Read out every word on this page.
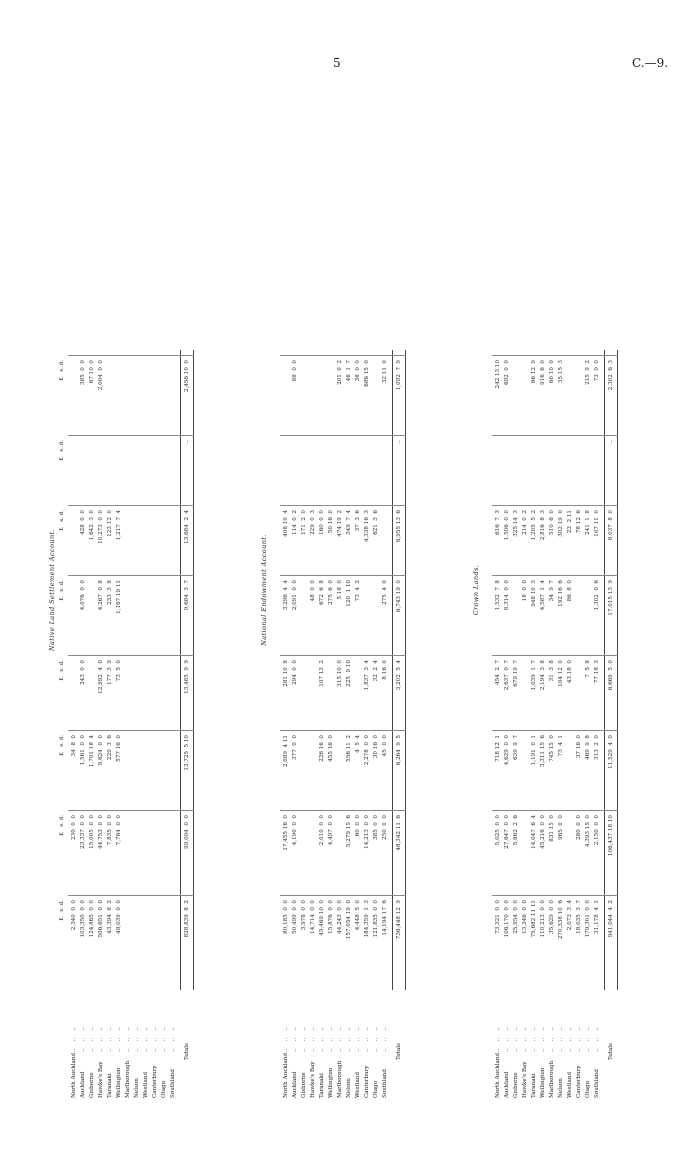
5	C.—9.
Native Land Settlement Account.
£   s. d.
£   s. d.
£   s. d.
£   s. d.
£   s. d.
£   s. d.
£   s. d.
£   s. d.
North Auckland
..    ..    ..
2,340  0  0
230  0  0
34  8  0
Auckland
..    ..    ..
103,350  0  0
23,337  0  0
1,561  0  0
243  0  0
4,076  0  0
428  0  0
385  0  0
Gisborne
..    ..    ..
124,865  0  0
15,005  0  0
1,701 18  4
1,642  3  0
67 10  0
Hawke's Bay
..    ..    ..
506,651  0  0
44,753  0  0
9,624  0  0
12,992  4  0
4,267  0  8
10,273  0  0
2,004  0  0
Taranaki
..    ..    ..
43,394  8  2
7,835  0  0
229  3  6
177  3  9
233  3  8
123 12  0
Wellington
..    ..    ..
48,039  0  0
7,784  0  0
577 16  0
73  5  0
1,167 19 11
1,217  7  4
Marlborough
..    ..    ..
Nelson
..    ..    ..
Westland
..    ..    ..
Canterbury
..    ..    ..
Otago
..    ..    ..
Southland
..    ..    .. Totals
828,839  8  2
99,004  0  0
13,725  5 10
13,485  9  9
9,684  3  7
13,684  2  4
..
2,456 10  0
National Endowment Account.
North Auckland
..    ..    ..
80,185  0  0
17,455 16  0
2,089  4 11
281 10  8
3,296  4  4
408 19  4
Auckland
..    ..    ..
50,499  0  0
4,190  0  0
377  0  0
294  0  0
2,091  0  0
114  0  2
88  0  0
Gisborne
..    ..    ..
3,978  0  0
171  2  0
Hawke's Bay
..    ..    ..
14,714  0  0
48  0  0
229  0  3
Taranaki
..    ..    ..
45,469 10  0
2,010  0  0
226 16  0
107 13  2
672  6  8
160  0  0
Wellington
..    ..    ..
15,876  0  0
4,497  0  0
455 16  0
275  6  0
50 16  0
Marlborough
..    ..    ..
44,243  0  0
315 10  0
5 18  0
474 19  2
201  0  2
Nelson
..    ..    ..
157,054 19  0
5,279 15  6
556 11  2
225  9 10
120  1 10
349  7  4
46  1  7
Westland
..    ..    ..
4,448  5  0
60  0  0
4  5  4
73  4  2
37  3  6
38  0  0
Canterbury
..    ..    ..
184,359  1  3
14,213  0  0
2,278  0  0
1,837  3  4
4,338 16  3
686 15  0
Otago
..    ..    ..
121,835  0  0
385  0  0
30 16  0
32  2  4
621  3  6
Southland
..    ..    ..
14,194 17  6
250  0  0
45  0  0
8 16  0
275  4  0
32 11  0
Totals
736,448 12  9
48,342 11  6
6,264  9  5
3,202  5  4
6,743 19  0
6,955 13  6
..
1,092  7  9
Crown Lands.
North Auckland
..    ..    ..
73,321  0  0
5,025  0  0
718 12  1
454  2  7
1,532  7  8
616  7  3
242 13 10
Auckland
..    ..    ..
106,170  0  0
27,647  0  0
4,629  0  0
2,637  0  7
8,314  0  0
1,506  0  0
692  0  0
Gisborne
..    ..    ..
25,954  0  0
5,862  2  6
639  9  7
679 19  7
325 14  3
Hawke's Bay
..    ..    ..
13,346  0  0
18  0  0
214  0  2
Taranaki
..    ..    ..
75,682 11 11
14,047  6  4
1,191  0  1
1,039  1  7
948 10  3
1,205  5  2
66 12  0
Wellington
..    ..    ..
110,213  0  0
45,216  0  0
3,311 15  6
2,194  3  8
4,587  1  4
2,816  8  3
916  6  0
Marlborough
..    ..    ..
35,629  0  0
831 15  0
745 15  0
31  3  8
34  9  7
510  6  0
60 10  0
Nelson
..    ..    ..
270,338 10  6
965  0  0
73  4  1
104 12  0
192 16  6
302 19  0
35 15  3
Westland
..    ..    ..
2,073  3  4
43 18  0
86  8  0
23  2 11
Canterbury
..    ..    ..
18,035  3  7
280  0  0
37 16  0
78 12  6
Otago
..    ..    ..
179,301  0  0
4,393 15  0
469  9  8
7  5  8
241  1  8
215  9  2
Southland
..    ..    ..
31,178  4  1
2,150  0  0
313  2  0
77 18  3
1,302  0  6
107 11  0
73  0  0
Totals
941,044  4  2
106,437 18 10
11,529  4  0
6,669  5  0
17,015 13  9
8,037  8  0
..
2,302  6  3
